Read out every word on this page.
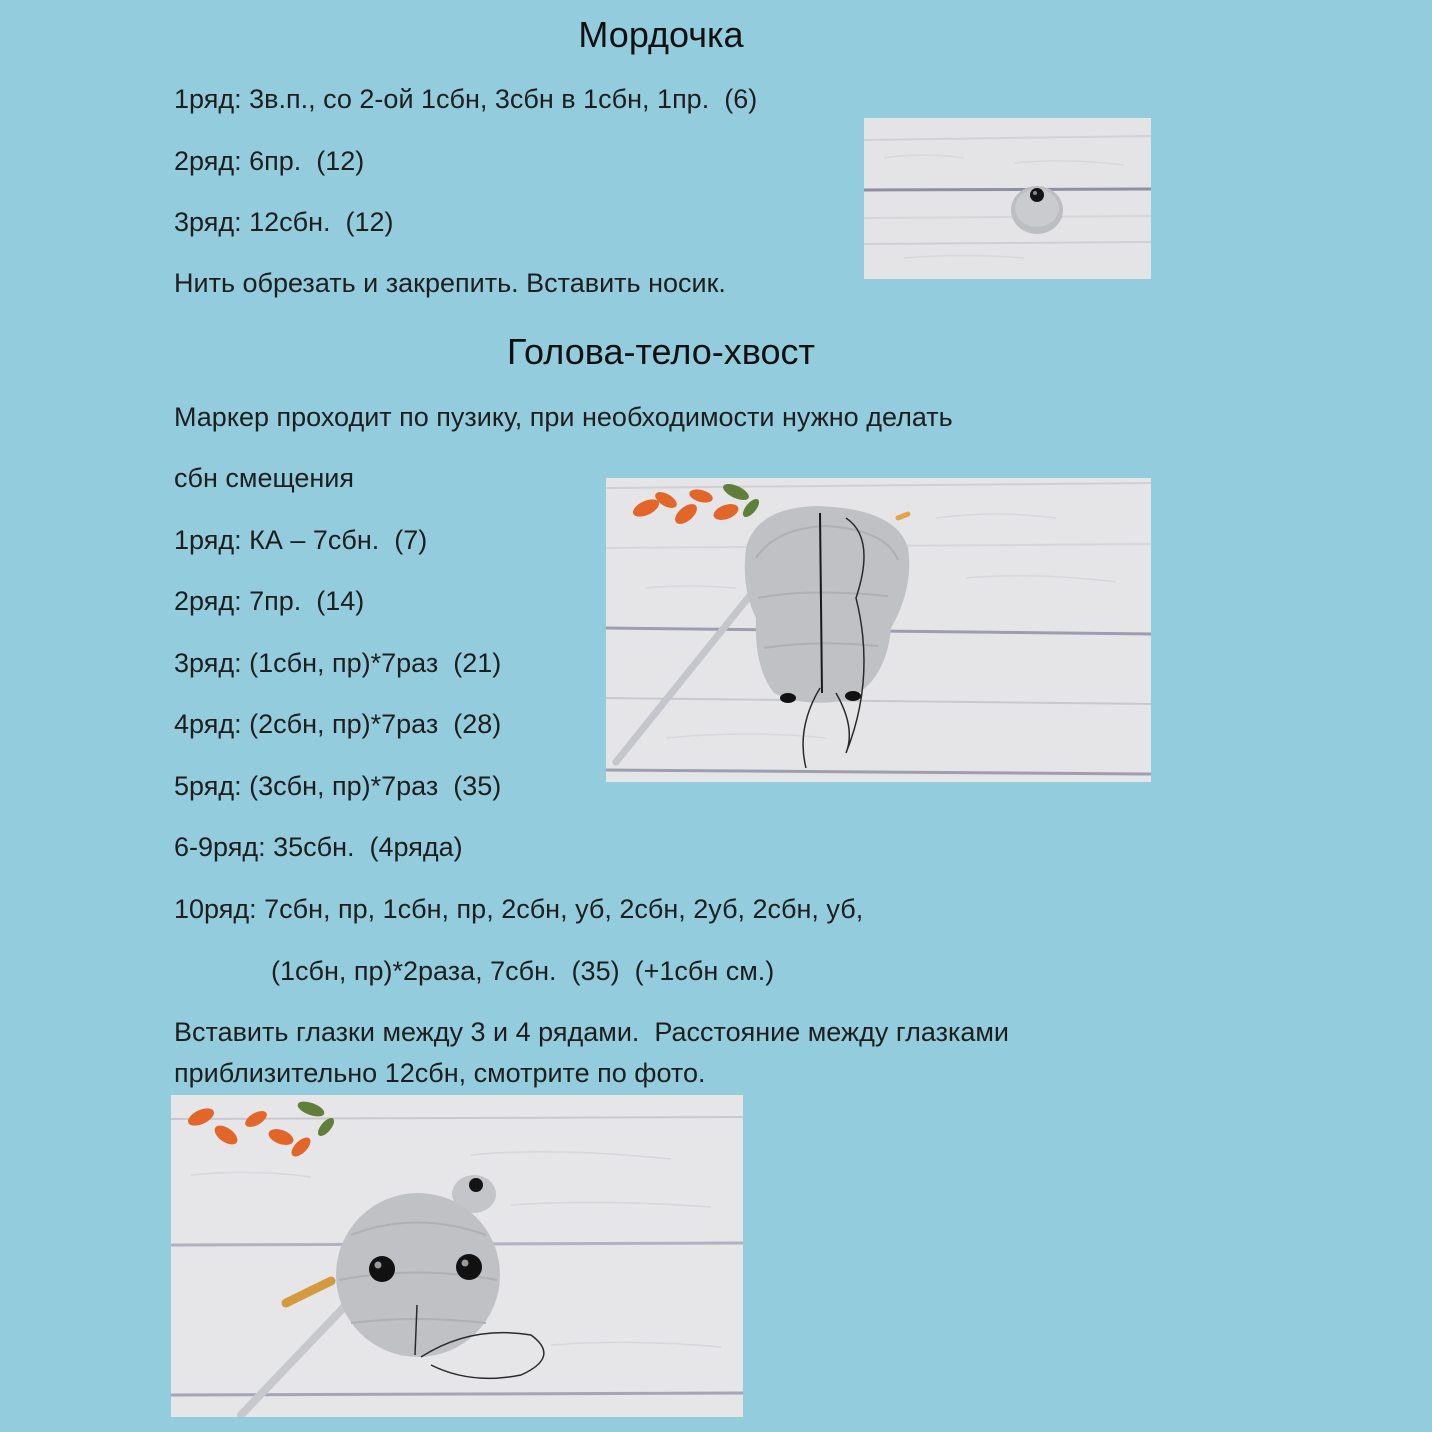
Мордочка
1ряд: 3в.п., со 2-ой 1сбн, 3сбн в 1сбн, 1пр.  (6)
2ряд: 6пр.  (12)
3ряд: 12сбн.  (12)
Нить обрезать и закрепить. Вставить носик.
Голова-тело-хвост
Маркер проходит по пузику, при необходимости нужно делать
сбн смещения
1ряд: КА – 7сбн.  (7)
2ряд: 7пр.  (14)
3ряд: (1сбн, пр)*7раз  (21)
4ряд: (2сбн, пр)*7раз  (28)
5ряд: (3сбн, пр)*7раз  (35)
6-9ряд: 35сбн.  (4ряда)
10ряд: 7сбн, пр, 1сбн, пр, 2сбн, уб, 2сбн, 2уб, 2сбн, уб,
(1сбн, пр)*2раза, 7сбн.  (35)  (+1сбн см.)
Вставить глазки между 3 и 4 рядами.  Расстояние между глазками
приблизительно 12сбн, смотрите по фото.
